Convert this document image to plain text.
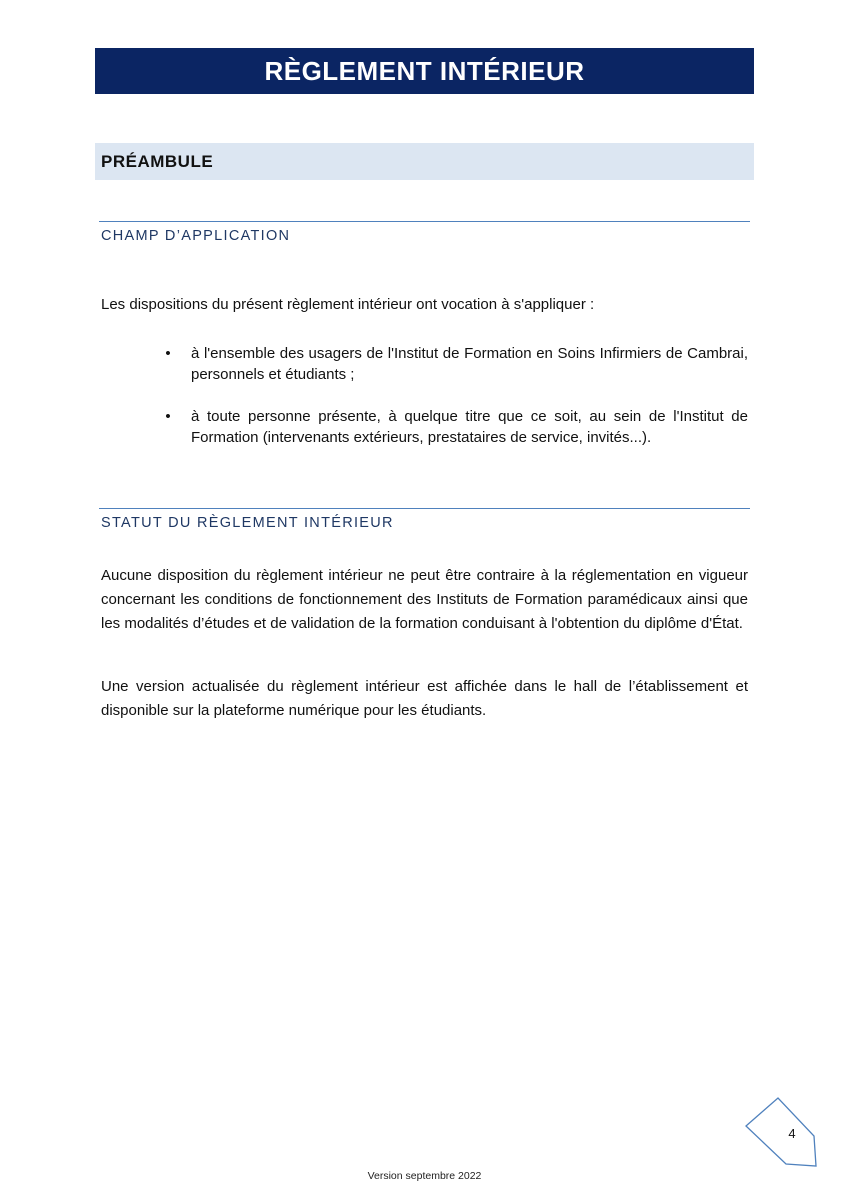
RÈGLEMENT INTÉRIEUR
PRÉAMBULE
CHAMP D’APPLICATION

Les dispositions du présent règlement intérieur ont vocation à s'appliquer :

• à l'ensemble des usagers de l'Institut de Formation en Soins Infirmiers de Cambrai, personnels et étudiants ;
• à toute personne présente, à quelque titre que ce soit, au sein de l'Institut de Formation (intervenants extérieurs, prestataires de service, invités...).
STATUT DU RÈGLEMENT INTÉRIEUR

Aucune disposition du règlement intérieur ne peut être contraire à la réglementation en vigueur concernant les conditions de fonctionnement des Instituts de Formation paramédicaux ainsi que les modalités d’études et de validation de la formation conduisant à l'obtention du diplôme d'État.

Une version actualisée du règlement intérieur est affichée dans le hall de l’établissement et disponible sur la plateforme numérique pour les étudiants.

4
Version septembre 2022
